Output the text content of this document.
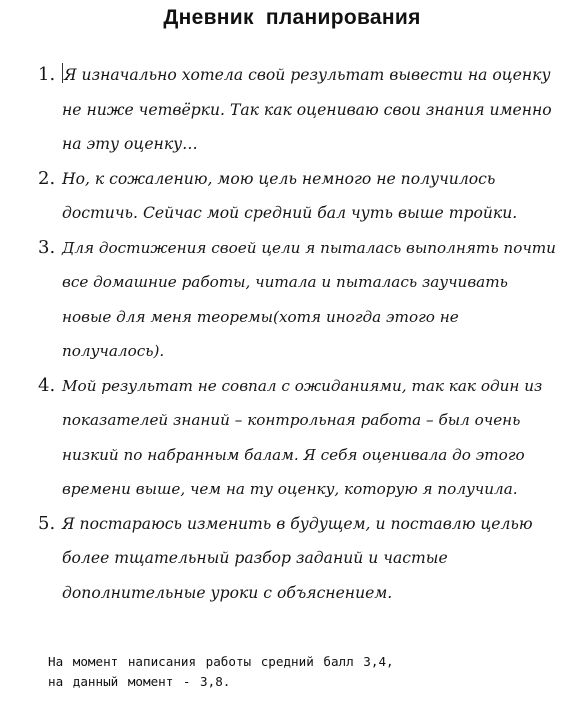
Дневник планирования
1. Я изначально хотела свой результат вывести на оценку не ниже четвёрки. Так как оцениваю свои знания именно на эту оценку…
2. Но, к сожалению, мою цель немного не получилось достичь. Сейчас мой средний бал чуть выше тройки.
3. Для достижения своей цели я пыталась выполнять почти все домашние работы, читала и пыталась заучивать новые для меня теоремы(хотя иногда этого не получалось).
4. Мой результат не совпал с ожиданиями, так как один из показателей знаний – контрольная работа – был очень низкий по набранным балам. Я себя оценивала до этого времени выше, чем на ту оценку, которую я получила.
5. Я постараюсь изменить в будущем, и поставлю целью более тщательный разбор заданий и частые дополнительные уроки с объяснением.
На момент написания работы средний балл 3,4,
на данный момент - 3,8.
